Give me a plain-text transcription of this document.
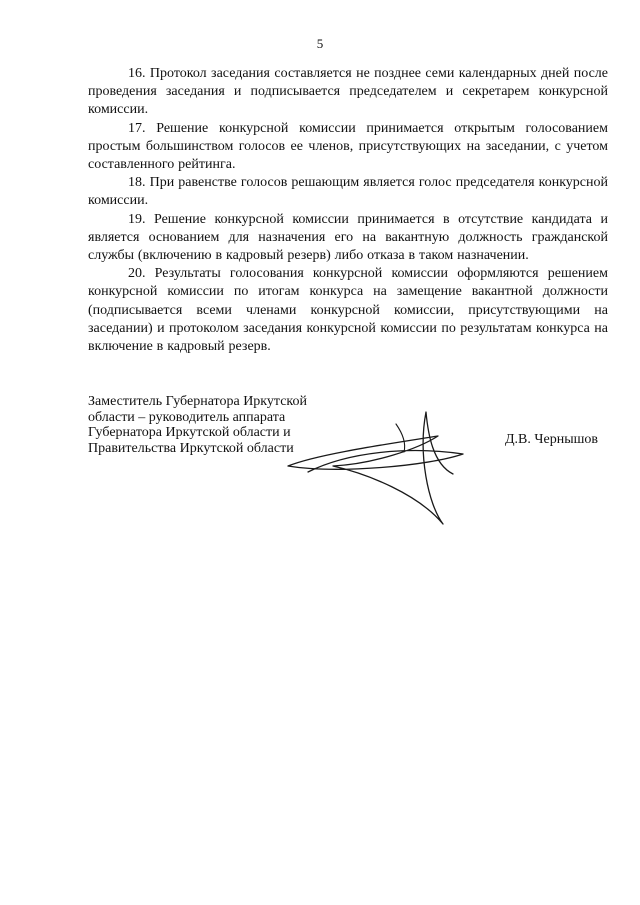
5

16. Протокол заседания составляется не позднее семи календарных дней после проведения заседания и подписывается председателем и секретарем конкурсной комиссии.

17. Решение конкурсной комиссии принимается открытым голосованием простым большинством голосов ее членов, присутствующих на заседании, с учетом составленного рейтинга.

18. При равенстве голосов решающим является голос председателя конкурсной комиссии.

19. Решение конкурсной комиссии принимается в отсутствие кандидата и является основанием для назначения его на вакантную должность гражданской службы (включению в кадровый резерв) либо отказа в таком назначении.

20. Результаты голосования конкурсной комиссии оформляются решением конкурсной комиссии по итогам конкурса на замещение вакантной должности (подписывается всеми членами конкурсной комиссии, присутствующими на заседании) и протоколом заседания конкурсной комиссии по результатам конкурса на включение в кадровый резерв.

Заместитель Губернатора Иркутской
области – руководитель аппарата
Губернатора Иркутской области и
Правительства Иркутской области
Д.В. Чернышов
